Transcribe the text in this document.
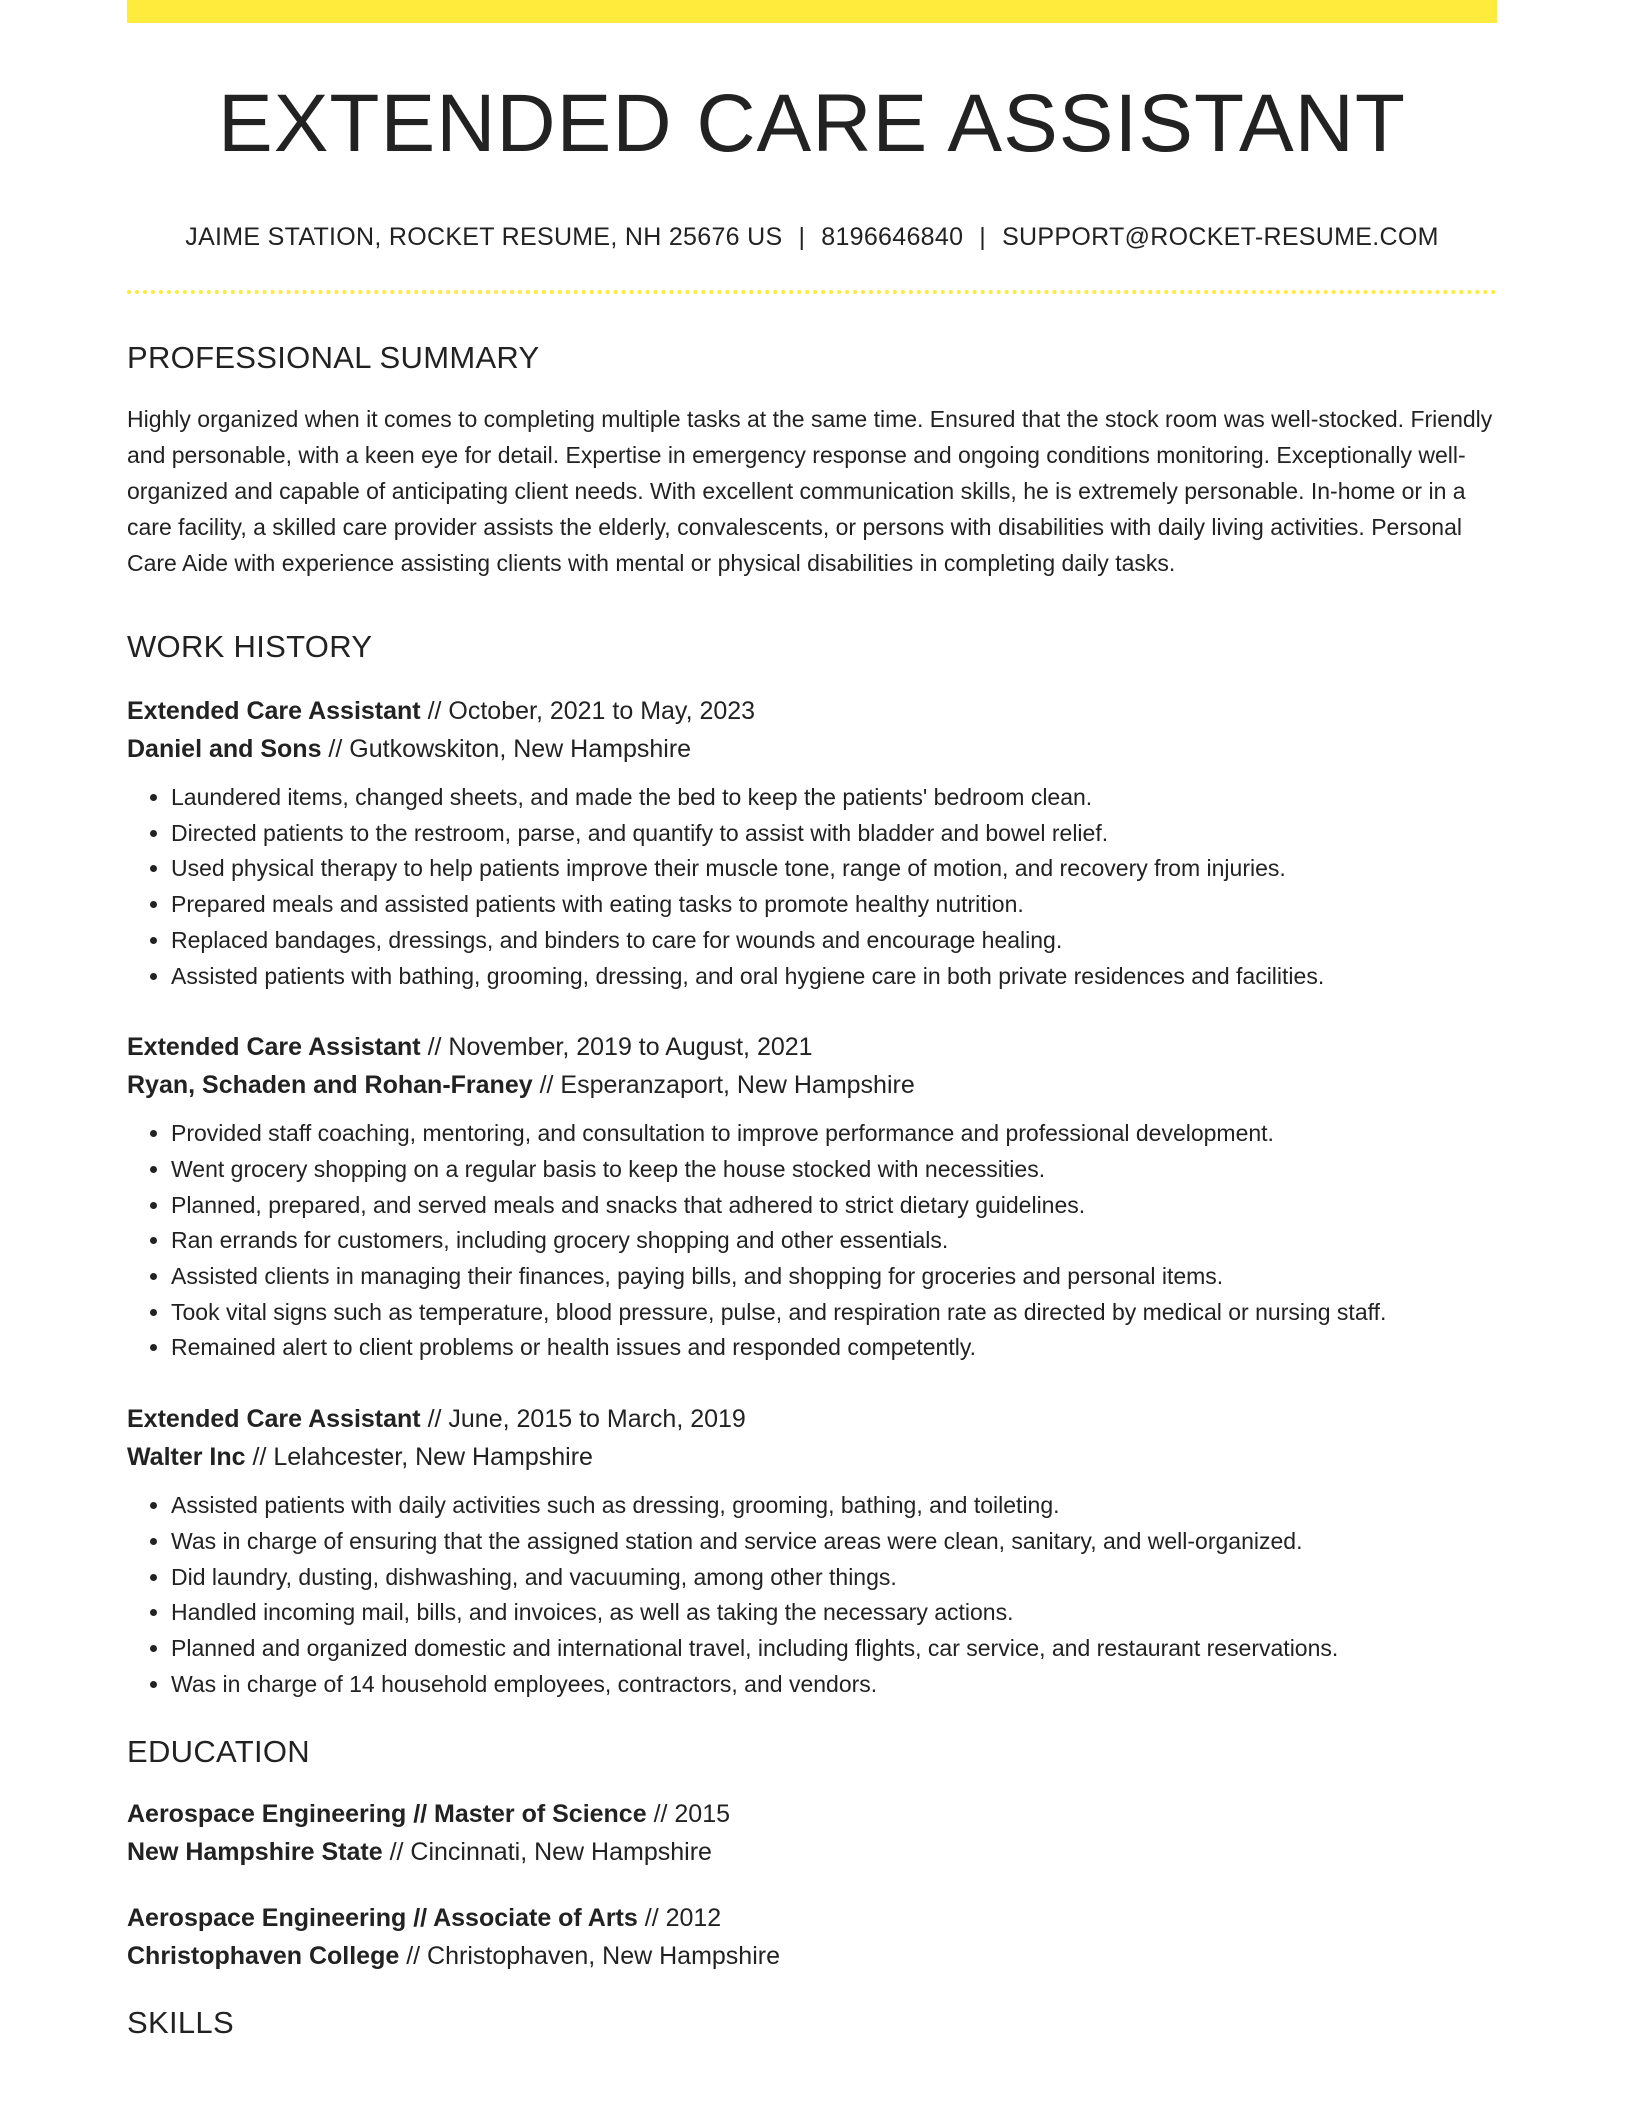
EXTENDED CARE ASSISTANT
JAIME STATION, ROCKET RESUME, NH 25676 US | 8196646840 | SUPPORT@ROCKET-RESUME.COM
PROFESSIONAL SUMMARY

Highly organized when it comes to completing multiple tasks at the same time. Ensured that the stock room was well-stocked. Friendly and personable, with a keen eye for detail. Expertise in emergency response and ongoing conditions monitoring. Exceptionally well-organized and capable of anticipating client needs. With excellent communication skills, he is extremely personable. In-home or in a care facility, a skilled care provider assists the elderly, convalescents, or persons with disabilities with daily living activities. Personal Care Aide with experience assisting clients with mental or physical disabilities in completing daily tasks.

WORK HISTORY
Extended Care Assistant // October, 2021 to May, 2023
Daniel and Sons // Gutkowskiton, New Hampshire
• Laundered items, changed sheets, and made the bed to keep the patients' bedroom clean.
• Directed patients to the restroom, parse, and quantify to assist with bladder and bowel relief.
• Used physical therapy to help patients improve their muscle tone, range of motion, and recovery from injuries.
• Prepared meals and assisted patients with eating tasks to promote healthy nutrition.
• Replaced bandages, dressings, and binders to care for wounds and encourage healing.
• Assisted patients with bathing, grooming, dressing, and oral hygiene care in both private residences and facilities.
Extended Care Assistant // November, 2019 to August, 2021
Ryan, Schaden and Rohan-Franey // Esperanzaport, New Hampshire
• Provided staff coaching, mentoring, and consultation to improve performance and professional development.
• Went grocery shopping on a regular basis to keep the house stocked with necessities.
• Planned, prepared, and served meals and snacks that adhered to strict dietary guidelines.
• Ran errands for customers, including grocery shopping and other essentials.
• Assisted clients in managing their finances, paying bills, and shopping for groceries and personal items.
• Took vital signs such as temperature, blood pressure, pulse, and respiration rate as directed by medical or nursing staff.
• Remained alert to client problems or health issues and responded competently.
Extended Care Assistant // June, 2015 to March, 2019
Walter Inc // Lelahcester, New Hampshire
• Assisted patients with daily activities such as dressing, grooming, bathing, and toileting.
• Was in charge of ensuring that the assigned station and service areas were clean, sanitary, and well-organized.
• Did laundry, dusting, dishwashing, and vacuuming, among other things.
• Handled incoming mail, bills, and invoices, as well as taking the necessary actions.
• Planned and organized domestic and international travel, including flights, car service, and restaurant reservations.
• Was in charge of 14 household employees, contractors, and vendors.
EDUCATION
Aerospace Engineering // Master of Science // 2015
New Hampshire State // Cincinnati, New Hampshire
Aerospace Engineering // Associate of Arts // 2012
Christophaven College // Christophaven, New Hampshire
SKILLS
